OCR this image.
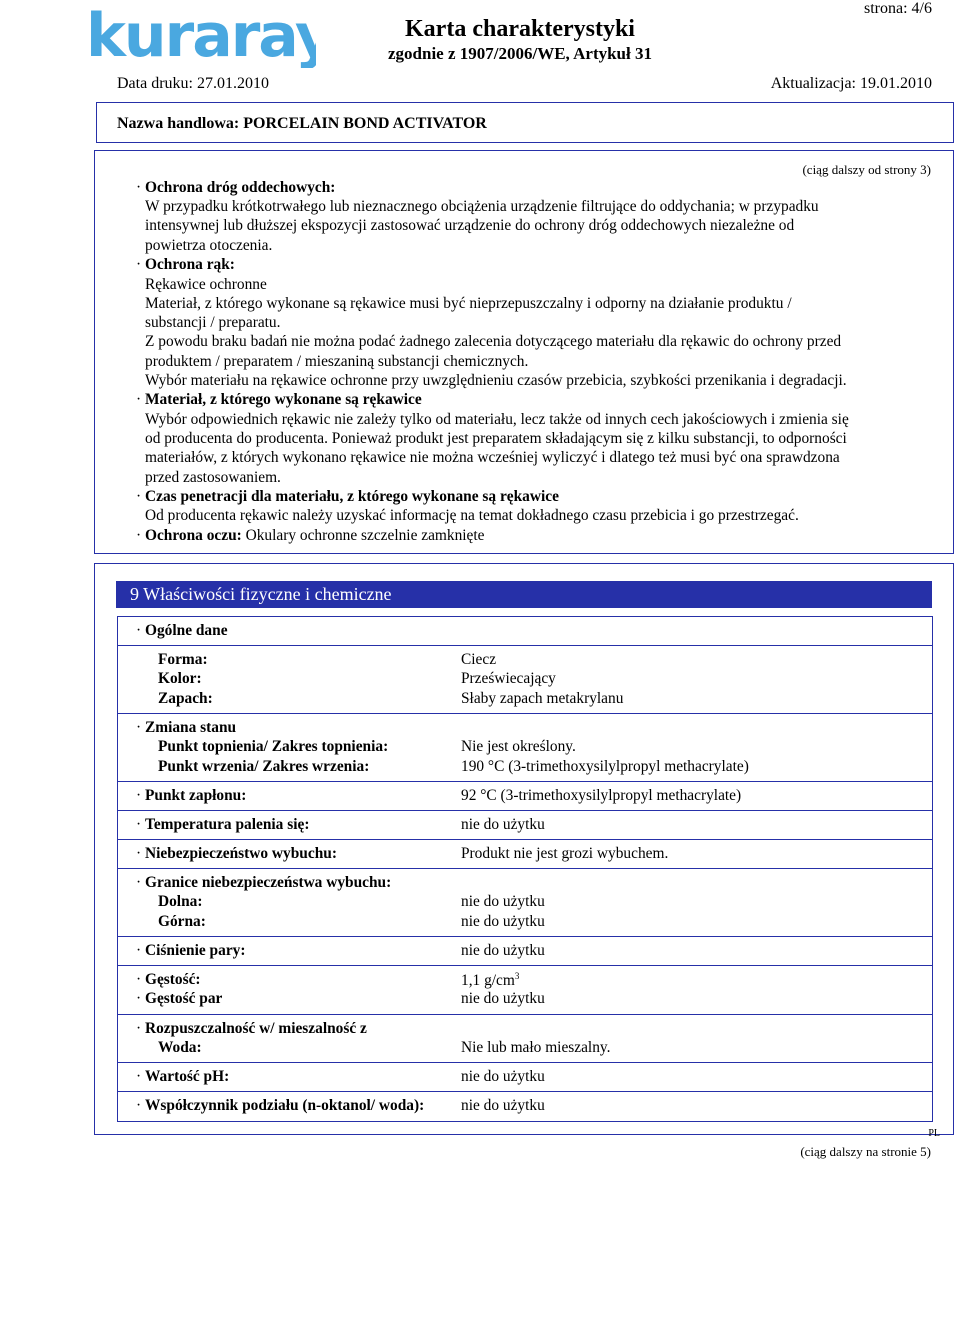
kuraray	Karta charakterystyki
zgodnie z 1907/2006/WE, Artykuł 31
strona: 4/6
Data druku: 27.01.2010	Aktualizacja: 19.01.2010
Nazwa handlowa: PORCELAIN BOND ACTIVATOR
(ciąg dalszy od strony 3)
· Ochrona dróg oddechowych:
W przypadku krótkotrwałego lub nieznacznego obciążenia urządzenie filtrujące do oddychania; w przypadku
intensywnej lub dłuższej ekspozycji zastosować urządzenie do ochrony dróg oddechowych niezależne od
powietrza otoczenia.
· Ochrona rąk:
Rękawice ochronne
Materiał, z którego wykonane są rękawice musi być nieprzepuszczalny i odporny na działanie produktu /
substancji / preparatu.
Z powodu braku badań nie można podać żadnego zalecenia dotyczącego materiału dla rękawic do ochrony przed
produktem / preparatem / mieszaniną substancji chemicznych.
Wybór materiału na rękawice ochronne przy uwzględnieniu czasów przebicia, szybkości przenikania i degradacji.
· Materiał, z którego wykonane są rękawice
Wybór odpowiednich rękawic nie zależy tylko od materiału, lecz także od innych cech jakościowych i zmienia się
od producenta do producenta. Ponieważ produkt jest preparatem składającym się z kilku substancji, to odporności
materiałów, z których wykonano rękawice nie można wcześniej wyliczyć i dlatego też musi być ona sprawdzona
przed zastosowaniem.
· Czas penetracji dla materiału, z którego wykonane są rękawice
Od producenta rękawic należy uzyskać informację na temat dokładnego czasu przebicia i go przestrzegać.
· Ochrona oczu: Okulary ochronne szczelnie zamknięte
9 Właściwości fizyczne i chemiczne
· Ogólne dane
Forma:	Ciecz
Kolor:	Przeświecający
Zapach:	Słaby zapach metakrylanu
· Zmiana stanu
Punkt topnienia/ Zakres topnienia:	Nie jest określony.
Punkt wrzenia/ Zakres wrzenia:	190 °C (3-trimethoxysilylpropyl methacrylate)
· Punkt zapłonu:	92 °C (3-trimethoxysilylpropyl methacrylate)
· Temperatura palenia się:	nie do użytku
· Niebezpieczeństwo wybuchu:	Produkt nie jest grozi wybuchem.
· Granice niebezpieczeństwa wybuchu:
Dolna:	nie do użytku
Górna:	nie do użytku
· Ciśnienie pary:	nie do użytku
· Gęstość:	1,1 $g/cm^3$
· Gęstość par	nie do użytku
· Rozpuszczalność w/ mieszalność z
Woda:	Nie lub mało mieszalny.
· Wartość pH:	nie do użytku
· Współczynnik podziału (n-oktanol/ woda): nie do użytku
PL
(ciąg dalszy na stronie 5)
